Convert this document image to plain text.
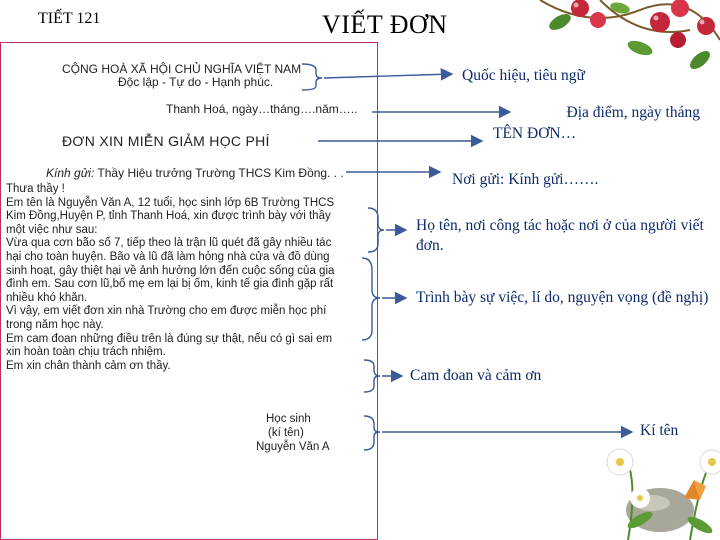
TIẾT 121	VIẾT ĐƠN
CỘNG HOÀ XÃ HỘI CHỦ NGHĨA VIỆT NAM
Độc lập - Tự do - Hạnh phúc.
Thanh Hoá, ngày…tháng….năm…..
ĐƠN XIN MIỄN GIẢM HỌC PHÍ
Kính gửi: Thầy Hiệu trưởng Trường THCS Kim Đồng. . .

Thưa thầy !

Em tên là Nguyễn Văn A, 12 tuổi, học sinh lớp 6B Trường THCS

Kim Đồng,Huyện P, tỉnh Thanh Hoá, xin được trình bày với thầy

một việc như sau:

Vừa qua cơn bão số 7, tiếp theo là trận lũ quét đã gây nhiều tác

hại cho toàn huyện. Bão và lũ đã làm hỏng nhà cửa và đồ dùng

sinh hoạt, gây thiệt hại về ảnh hưởng lớn đến cuộc sống của gia

đình em. Sau cơn lũ,bố mẹ em lại bị ốm, kinh tế gia đình gặp rất

nhiều khó khăn.

Vì vậy, em viết đơn xin nhà Trường cho em được miễn học phí

trong năm học này.

Em cam đoan những điều trên là đúng sự thật, nếu có gì sai em

xin hoàn toàn chịu trách nhiệm.

Em xin chân thành cảm ơn thầy.

Học sinh

(kí tên)

Nguyễn Văn A

Quốc hiệu, tiêu ngữ
Địa điểm, ngày tháng
TÊN ĐƠN…
Nơi gửi: Kính gửi…….
Họ tên, nơi công tác hoặc nơi ở của người viết đơn.
Trình bày sự việc, lí do, nguyện vọng (đề nghị)
Cam đoan và cảm ơn
Kí tên
